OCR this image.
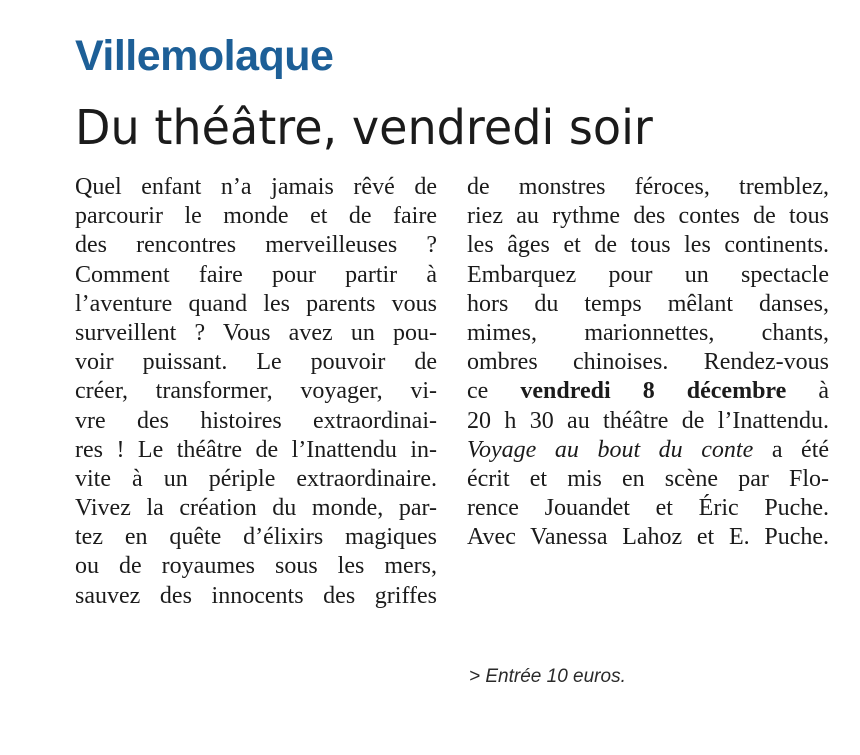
Villemolaque
Du théâtre, vendredi soir
Quel enfant n’a jamais rêvé de
parcourir le monde et de faire
des rencontres merveilleuses ?
Comment faire pour partir à
l’aventure quand les parents vous
surveillent ? Vous avez un pou-
voir puissant. Le pouvoir de
créer, transformer, voyager, vi-
vre des histoires extraordinai-
res ! Le théâtre de l’Inattendu in-
vite à un périple extraordinaire.
Vivez la création du monde, par-
tez en quête d’élixirs magiques
ou de royaumes sous les mers,
sauvez des innocents des griffes
de monstres féroces, tremblez,
riez au rythme des contes de tous
les âges et de tous les continents.
Embarquez pour un spectacle
hors du temps mêlant danses,
mimes, marionnettes, chants,
ombres chinoises. Rendez-vous
ce vendredi 8 décembre à
20 h 30 au théâtre de l’Inattendu.
Voyage au bout du conte a été
écrit et mis en scène par Flo-
rence Jouandet et Éric Puche.
Avec Vanessa Lahoz et E. Puche.
> Entrée 10 euros.
